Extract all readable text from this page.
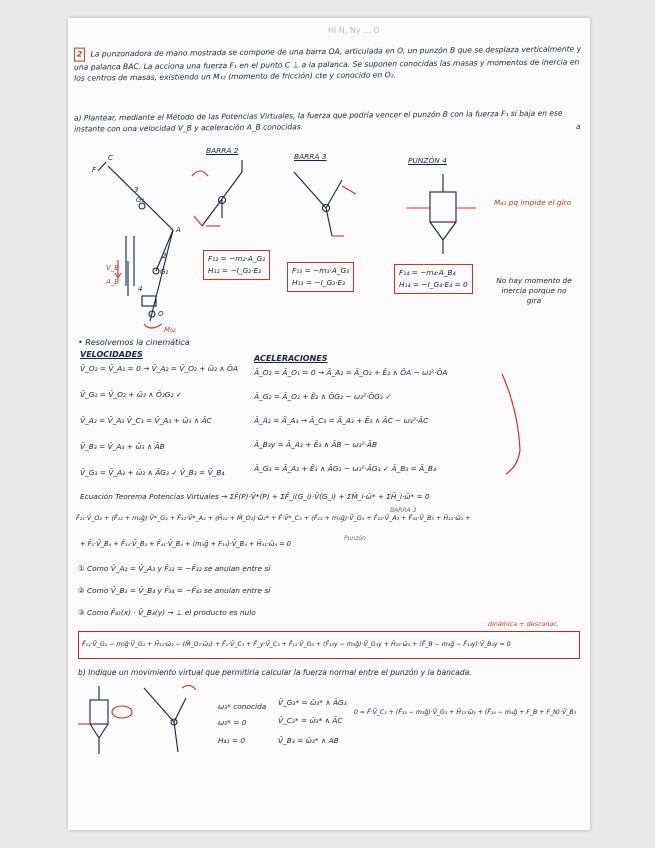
Hi N, Ny ... O
2 La punzonadora de mano mostrada se compone de una barra OA, articulada en O, un punzón B que se desplaza verticalmente y una palanca BAC. La acciona una fuerza F₁ en el punto C ⊥ a la palanca. Se suponen conocidas las masas y momentos de inercia en los centros de masas, existiendo un M₁₂ (momento de fricción) cte y conocido en O₂.
a) Plantear, mediante el Método de las Potencias Virtuales, la fuerza que podría vencer el punzón B con la fuerza F₁ si baja en ese instante con una velocidad V_B y aceleración A_B conocidas.	a
F
C
A
G₃
G₂
3
2
4
O
V_B
A_B
M₀₂
BARRA 2
F₁₂ = −m₂·A_G₂
H₁₂ = −I_G₂·E₂
BARRA 3
F₁₃ = −m₃·A_G₃
H₁₃ = −I_G₃·E₃
PUNZÓN 4
M₄₁ pq impide el giro
F₁₄ = −m₄·A_B₄
H₁₄ = −I_G₄·E₄ = 0	No hay momento de inercia porque no gira
• Resolvemos la cinemática
VELOCIDADES	ACELERACIONES
V̄_O₂ = V̄_A₁ = 0 → V̄_A₂ = V̄_O₂ + ω̄₂ ∧ ŌA
V̄_G₂ = V̄_O₂ + ω̄₂ ∧ Ō₂G₂ ✓
V̄_A₂ = V̄_A₃ V̄_C₃ = V̄_A₃ + ω̄₃ ∧ ĀC
V̄_B₃ = V̄_A₃ + ω̄₃ ∧ ĀB
V̄_G₃ = V̄_A₃ + ω̄₃ ∧ ĀG₃ ✓ V̄_B₃ = V̄_B₄
Ā_O₂ = Ā_O₁ = 0 → Ā_A₂ = Ā_O₂ + Ē₂ ∧ ŌA − ω₂²·ŌA
Ā_G₂ = Ā_O₂ + Ē₂ ∧ ŌG₂ − ω₂²·ŌG₂ ✓
Ā_A₂ = Ā_A₃ → Ā_C₃ = Ā_A₃ + Ē₃ ∧ ĀC − ω₃²·ĀC
Ā_B₃y = Ā_A₃ + Ē₃ ∧ ĀB − ω₃²·ĀB
Ā_G₃ = Ā_A₃ + Ē₃ ∧ ĀG₃ − ω₃²·ĀG₃ ✓ Ā_B₃ = Ā_B₄
Ecuación Teorema Potencias Virtuales → ΣF̄(P)·V̄*(P) + ΣF̄_i(G_i)·V̄(G_i) + ΣM̄_i·ω̄* + ΣH̄_i·ω̄* = 0
BARRA 3
F̄₂₁·V̄_O₂ + (F̄₁₂ + m₂ḡ)·V̄*_G₂ + F̄₃₂·V̄*_A₂ + (H̄₁₂ + M̄_O₂)·ω̄₂* + F̄·V̄*_C₃ + (F̄₁₃ + m₃ḡ)·V̄_G₃ + F̄₂₃·V̄_A₃ + F̄₄₃·V̄_B₃ + H̄₁₃·ω̄₃ +
+ F̄₁·V̄_B₄ + F̄₃₄·V̄_B₃ + F̄₄₁·V̄_B₄ + (m₄ḡ + F₁₄)·V̄_B₄ + H̄₄₁·ω̄₄ = 0
Punzón
① Como V̄_A₂ = V̄_A₃ y F̄₂₃ = −F̄₃₂ se anulan entre sí
② Como V̄_B₃ = V̄_B₄ y F̄₃₄ = −F̄₄₃ se anulan entre sí
③ Como F̄₄₁(x) · V̄_B₄(y) → ⊥ el producto es nulo
dinámica + desconoc.
F̄₁₂·V̄_G₂ − m₂ḡ·V̄_G₂ + H̄₁₂·ω̄₂ − (M̄_O₂·ω̄₂) + F̄₁·V̄_C₃ + F̄_y·V̄_C₃ + F̄₁₃·V̄_G₃ + (F̄₁₃y − m₃ḡ)·V̄_G₃y + H̄₁₃·ω̄₃ + (F̄_B − m₄ḡ − F̄₁₄y)·V̄_B₄y = 0
b) Indique un movimiento virtual que permitiría calcular la fuerza normal entre el punzón y la bancada.
ω₃* conocida
ω₂* = 0
H₄₁ = 0
V̄_G₃* = ω̄₃* ∧ ĀG₃
V̄_C₃* = ω̄₃* ∧ ĀC
V̄_B₃ = ω̄₃* ∧ AB
0 = F̄·V̄_C₃ + (F̄₁₃ − m₃ḡ)·V̄_G₃ + H̄₁₃·ω̄₃ + (F̄₁₄ − m₄ḡ + F_B + F_N)·V̄_B₃
